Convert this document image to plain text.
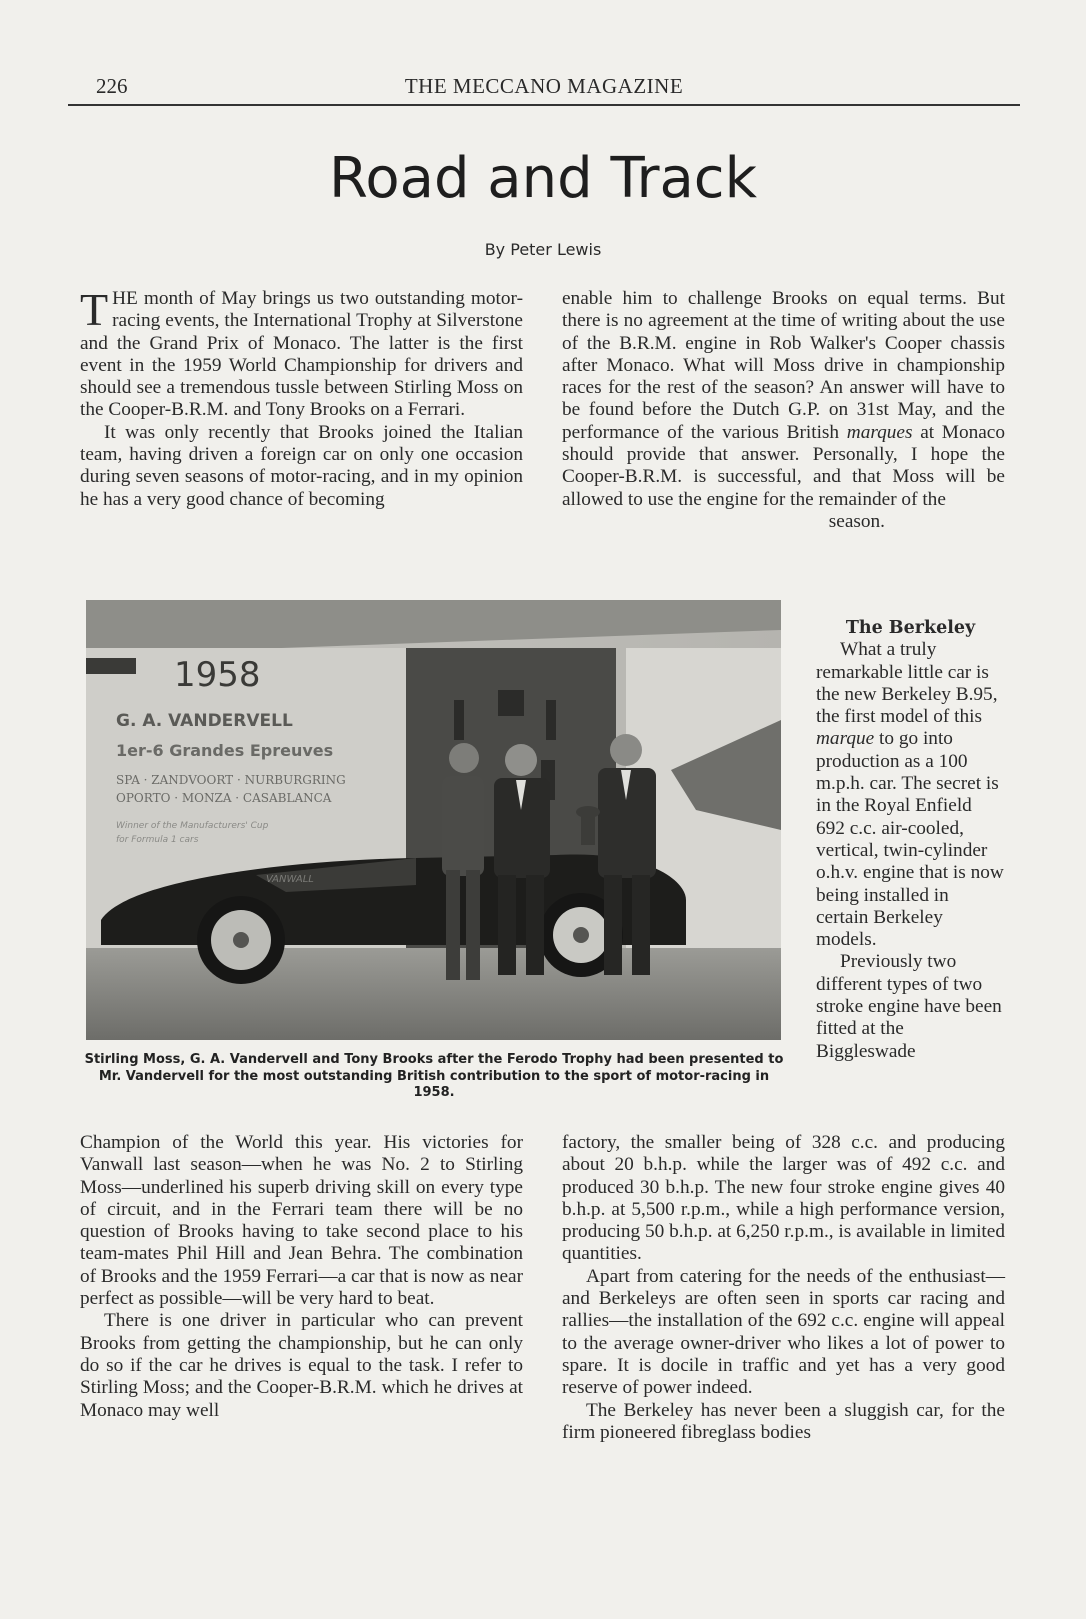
226	THE MECCANO MAGAZINE
Road and Track
By Peter Lewis

THE month of May brings us two outstanding motor-racing events, the International Trophy at Silverstone and the Grand Prix of Monaco. The latter is the first event in the 1959 World Championship for drivers and should see a tremendous tussle between Stirling Moss on the Cooper-B.R.M. and Tony Brooks on a Ferrari.

It was only recently that Brooks joined the Italian team, having driven a foreign car on only one occasion during seven seasons of motor-racing, and in my opinion he has a very good chance of becoming

enable him to challenge Brooks on equal terms. But there is no agreement at the time of writing about the use of the B.R.M. engine in Rob Walker's Cooper chassis after Monaco. What will Moss drive in championship races for the rest of the season? An answer will have to be found before the Dutch G.P. on 31st May, and the performance of the various British marques at Monaco should provide that answer. Personally, I hope the Cooper-B.R.M. is successful, and that Moss will be allowed to use the engine for the remainder of the

season.

The Berkeley

What a truly remarkable little car is the new Berkeley B.95, the first model of this marque to go into production as a 100 m.p.h. car. The secret is in the Royal Enfield 692 c.c. air-cooled, vertical, twin-cylinder o.h.v. engine that is now being installed in certain Berkeley models.

Previously two different types of two stroke engine have been fitted at the Biggleswade

1958
G. A. VANDERVELL
1er-6 Grandes Epreuves
SPA · ZANDVOORT · NURBURGRING
OPORTO · MONZA · CASABLANCA
Winner of the Manufacturers' Cup
for Formula 1 cars
VANWALL
Stirling Moss, G. A. Vandervell and Tony Brooks after the Ferodo Trophy had been presented to Mr. Vandervell for the most outstanding British contribution to the sport of motor-racing in 1958.

Champion of the World this year. His victories for Vanwall last season—when he was No. 2 to Stirling Moss—underlined his superb driving skill on every type of circuit, and in the Ferrari team there will be no question of Brooks having to take second place to his team-mates Phil Hill and Jean Behra. The combination of Brooks and the 1959 Ferrari—a car that is now as near perfect as possible—will be very hard to beat.

There is one driver in particular who can prevent Brooks from getting the championship, but he can only do so if the car he drives is equal to the task. I refer to Stirling Moss; and the Cooper-B.R.M. which he drives at Monaco may well

factory, the smaller being of 328 c.c. and producing about 20 b.h.p. while the larger was of 492 c.c. and produced 30 b.h.p. The new four stroke engine gives 40 b.h.p. at 5,500 r.p.m., while a high performance version, producing 50 b.h.p. at 6,250 r.p.m., is available in limited quantities.

Apart from catering for the needs of the enthusiast—and Berkeleys are often seen in sports car racing and rallies—the installation of the 692 c.c. engine will appeal to the average owner-driver who likes a lot of power to spare. It is docile in traffic and yet has a very good reserve of power indeed.

The Berkeley has never been a sluggish car, for the firm pioneered fibreglass bodies
